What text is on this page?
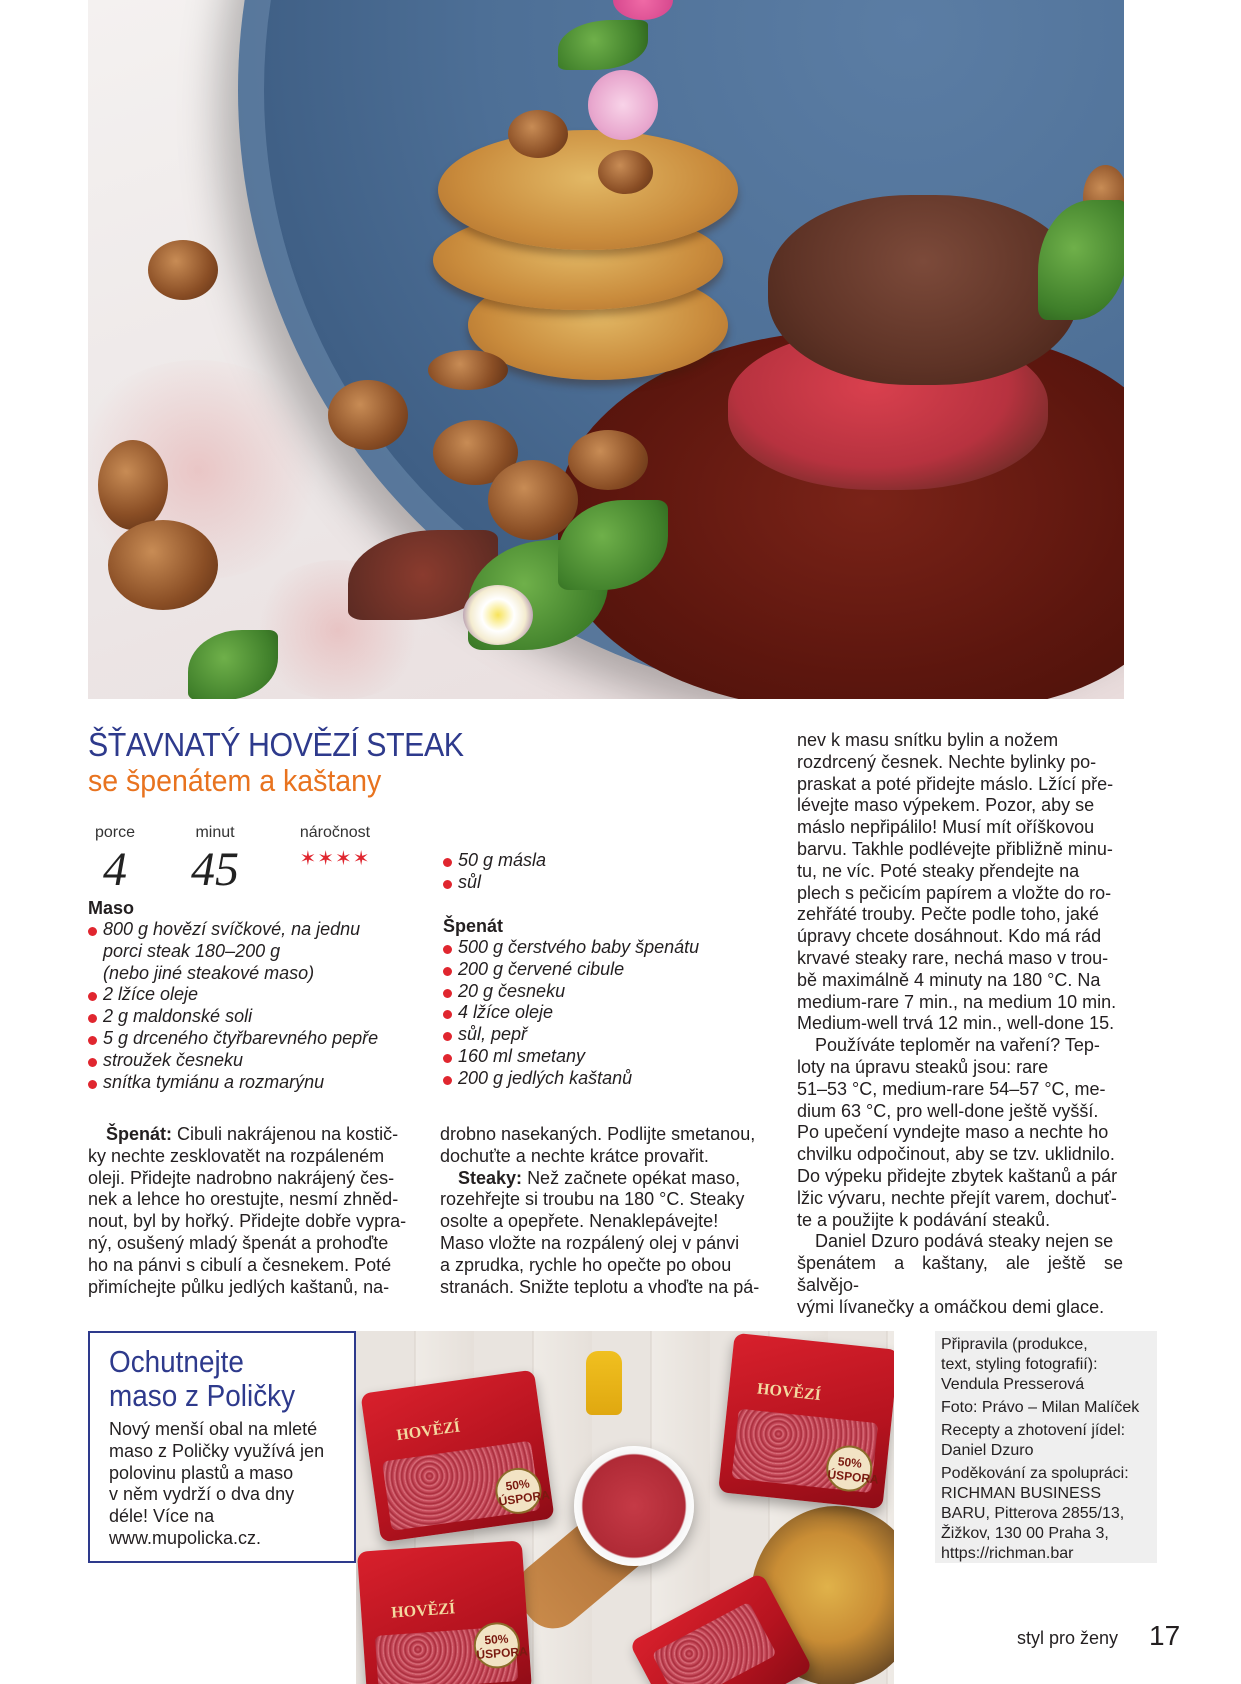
ŠŤAVNATÝ HOVĚZÍ STEAK
se špenátem a kaštany
porce
4
minut
45
náročnost
✶✶✶✶
Maso
800 g hovězí svíčkové, na jednu
porci steak 180–200 g
(nebo jiné steakové maso)
2 lžíce oleje
2 g maldonské soli
5 g drceného čtyřbarevného pepře
stroužek česneku
snítka tymiánu a rozmarýnu
50 g másla
sůl
Špenát
500 g čerstvého baby špenátu
200 g červené cibule
20 g česneku
4 lžíce oleje
sůl, pepř
160 ml smetany
200 g jedlých kaštanů
Špenát: Cibuli nakrájenou na kostič-
ky nechte zesklovatět na rozpáleném
oleji. Přidejte nadrobno nakrájený čes-
nek a lehce ho orestujte, nesmí zhněd-
nout, byl by hořký. Přidejte dobře vypra-
ný, osušený mladý špenát a prohoďte
ho na pánvi s cibulí a česnekem. Poté
přimíchejte půlku jedlých kaštanů, na-
drobno nasekaných. Podlijte smetanou,
dochuťte a nechte krátce provařit.
Steaky: Než začnete opékat maso,
rozehřejte si troubu na 180 °C. Steaky
osolte a opepřete. Nenaklepávejte!
Maso vložte na rozpálený olej v pánvi
a zprudka, rychle ho opečte po obou
stranách. Snižte teplotu a vhoďte na pá-
nev k masu snítku bylin a nožem
rozdrcený česnek. Nechte bylinky po-
praskat a poté přidejte máslo. Lžící pře-
lévejte maso výpekem. Pozor, aby se
máslo nepřipálilo! Musí mít oříškovou
barvu. Takhle podlévejte přibližně minu-
tu, ne víc. Poté steaky přendejte na
plech s pečicím papírem a vložte do ro-
zehřáté trouby. Pečte podle toho, jaké
úpravy chcete dosáhnout. Kdo má rád
krvavé steaky rare, nechá maso v trou-
bě maximálně 4 minuty na 180 °C. Na
medium-rare 7 min., na medium 10 min.
Medium-well trvá 12 min., well-done 15.
Používáte teploměr na vaření? Tep-
loty na úpravu steaků jsou: rare
51–53 °C, medium-rare 54–57 °C, me-
dium 63 °C, pro well-done ještě vyšší.
Po upečení vyndejte maso a nechte ho
chvilku odpočinout, aby se tzv. uklidnilo.
Do výpeku přidejte zbytek kaštanů a pár
lžic vývaru, nechte přejít varem, dochuť-
te a použijte k podávání steaků.
Daniel Dzuro podává steaky nejen se
špenátem a kaštany, ale ještě se šalvějo-
vými lívanečky a omáčkou demi glace.
Ochutnejte
maso z Poličky
Nový menší obal na mleté
maso z Poličky využívá jen
polovinu plastů a maso
v něm vydrží o dva dny
déle! Více na
www.mupolicka.cz.
HOVĚZÍ
50% ÚSPORA
HOVĚZÍ
50% ÚSPORA
HOVĚZÍ
50% ÚSPORA

Připravila (produkce,
text, styling fotografií):
Vendula Presserová

Foto: Právo – Milan Malíček

Recepty a zhotovení jídel:
Daniel Dzuro

Poděkování za spolupráci:
RICHMAN BUSINESS
BARU, Pitterova 2855/13,
Žižkov, 130 00 Praha 3,
https://richman.bar

styl pro ženy 17
